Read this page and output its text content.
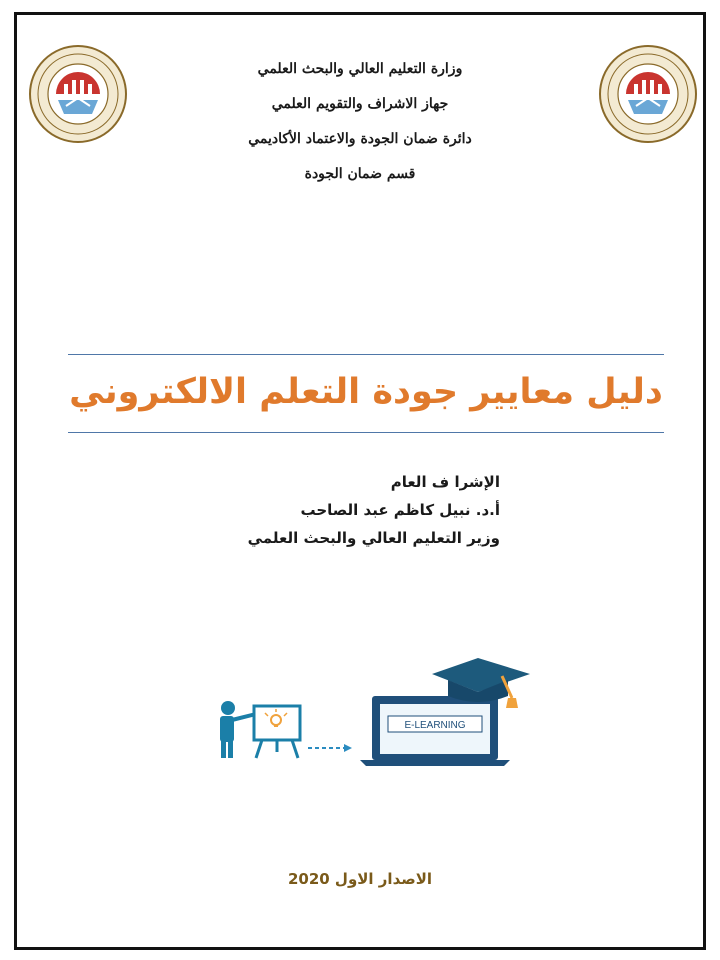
وزارة التعليم العالي والبحث العلمي
جهاز الاشراف والتقويم العلمي
دائرة ضمان الجودة والاعتماد الأكاديمي
قسم ضمان الجودة
دليل معايير جودة التعلم الالكتروني
الإشرا ف العام
أ.د. نبيل كاظم عبد الصاحب
وزير التعليم العالي والبحث العلمي
E-LEARNING
الاصدار الاول 2020
